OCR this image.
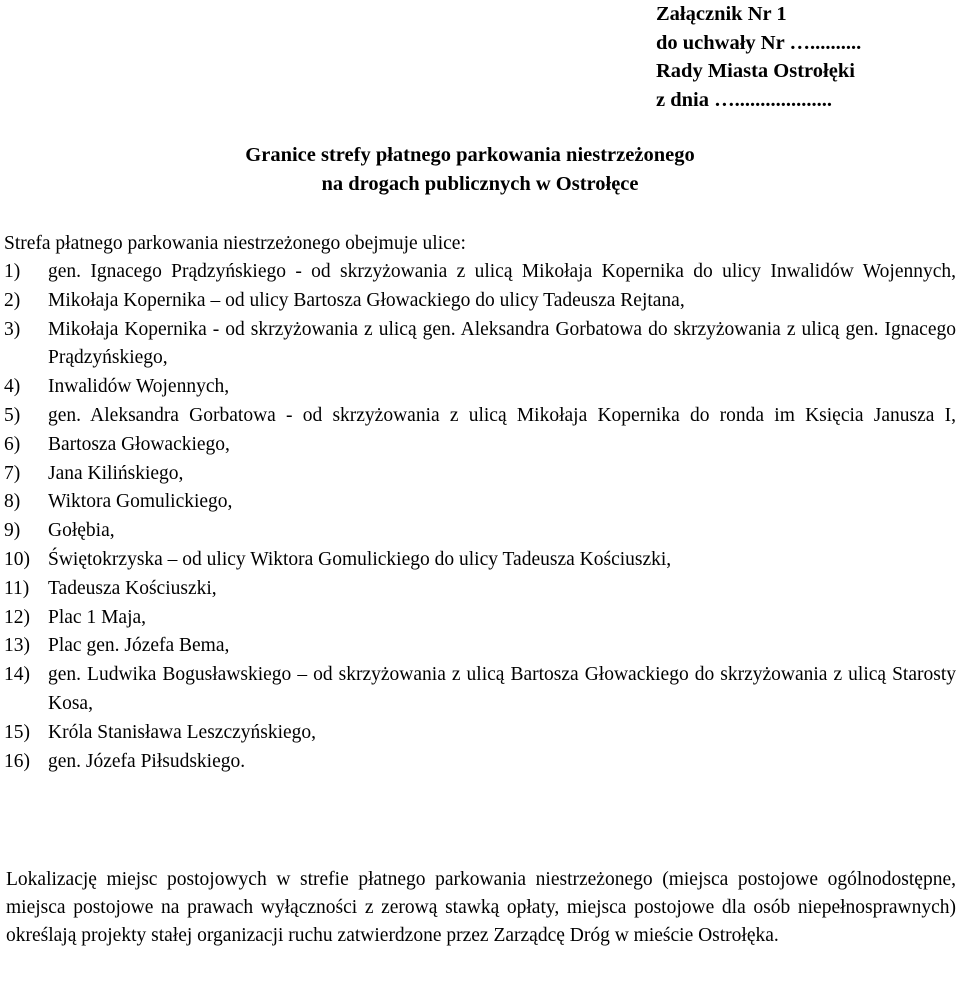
Załącznik Nr 1
do uchwały Nr …..........
Rady Miasta Ostrołęki
z dnia …...................
Granice strefy płatnego parkowania niestrzeżonego
na drogach publicznych w Ostrołęce
Strefa płatnego parkowania niestrzeżonego obejmuje ulice:
1) gen. Ignacego Prądzyńskiego - od skrzyżowania z ulicą Mikołaja Kopernika do ulicy Inwalidów Wojennych,
2) Mikołaja Kopernika – od ulicy Bartosza Głowackiego do ulicy Tadeusza Rejtana,
3) Mikołaja Kopernika - od skrzyżowania z ulicą gen. Aleksandra Gorbatowa do skrzyżowania z ulicą gen. Ignacego Prądzyńskiego,
4) Inwalidów Wojennych,
5) gen. Aleksandra Gorbatowa - od skrzyżowania z ulicą Mikołaja Kopernika do ronda im Księcia Janusza I,
6) Bartosza Głowackiego,
7) Jana Kilińskiego,
8) Wiktora Gomulickiego,
9) Gołębia,
10) Świętokrzyska – od ulicy Wiktora Gomulickiego do ulicy Tadeusza Kościuszki,
11) Tadeusza Kościuszki,
12) Plac 1 Maja,
13) Plac gen. Józefa Bema,
14) gen. Ludwika Bogusławskiego – od skrzyżowania z ulicą Bartosza Głowackiego do skrzyżowania z ulicą Starosty Kosa,
15) Króla Stanisława Leszczyńskiego,
16) gen. Józefa Piłsudskiego.
Lokalizację miejsc postojowych w strefie płatnego parkowania niestrzeżonego (miejsca postojowe ogólnodostępne, miejsca postojowe na prawach wyłączności z zerową stawką opłaty, miejsca postojowe dla osób niepełnosprawnych) określają projekty stałej organizacji ruchu zatwierdzone przez Zarządcę Dróg w mieście Ostrołęka.
